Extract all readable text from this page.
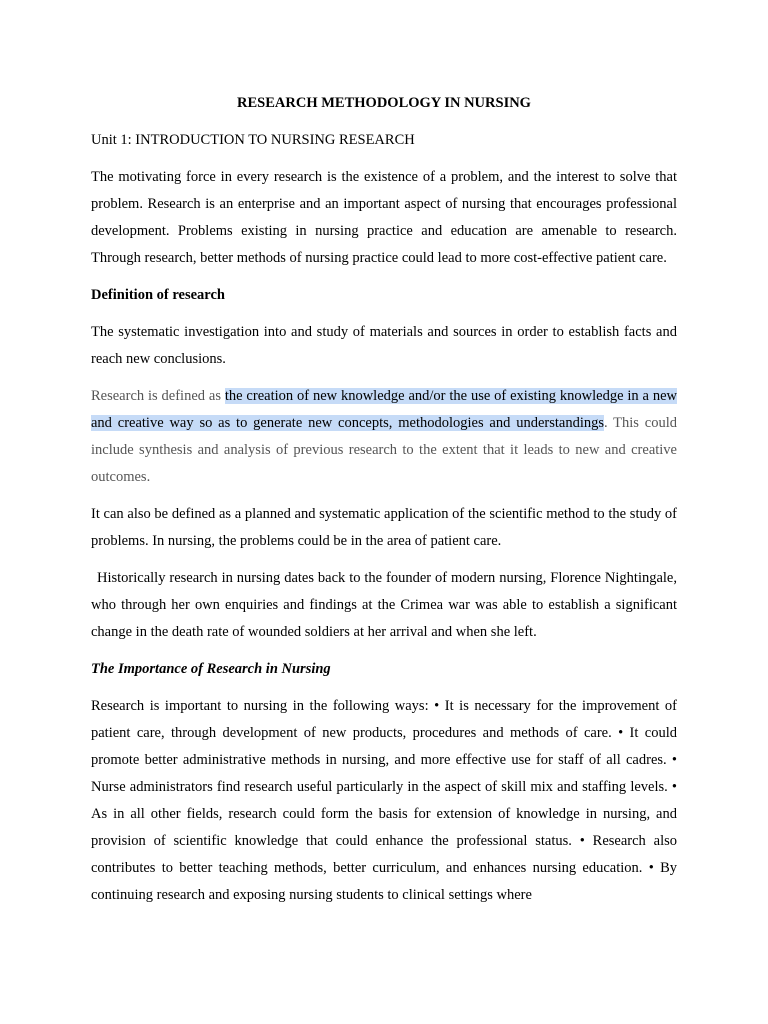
RESEARCH METHODOLOGY IN NURSING
Unit 1: INTRODUCTION TO NURSING RESEARCH

The motivating force in every research is the existence of a problem, and the interest to solve that problem. Research is an enterprise and an important aspect of nursing that encourages professional development. Problems existing in nursing practice and education are amenable to research. Through research, better methods of nursing practice could lead to more cost-effective patient care.

Definition of research

The systematic investigation into and study of materials and sources in order to establish facts and reach new conclusions.

Research is defined as the creation of new knowledge and/or the use of existing knowledge in a new and creative way so as to generate new concepts, methodologies and understandings. This could include synthesis and analysis of previous research to the extent that it leads to new and creative outcomes.

It can also be defined as a planned and systematic application of the scientific method to the study of problems. In nursing, the problems could be in the area of patient care.

Historically research in nursing dates back to the founder of modern nursing, Florence Nightingale, who through her own enquiries and findings at the Crimea war was able to establish a significant change in the death rate of wounded soldiers at her arrival and when she left.

The Importance of Research in Nursing

Research is important to nursing in the following ways: • It is necessary for the improvement of patient care, through development of new products, procedures and methods of care. • It could promote better administrative methods in nursing, and more effective use for staff of all cadres. • Nurse administrators find research useful particularly in the aspect of skill mix and staffing levels. • As in all other fields, research could form the basis for extension of knowledge in nursing, and provision of scientific knowledge that could enhance the professional status. • Research also contributes to better teaching methods, better curriculum, and enhances nursing education. • By continuing research and exposing nursing students to clinical settings where
